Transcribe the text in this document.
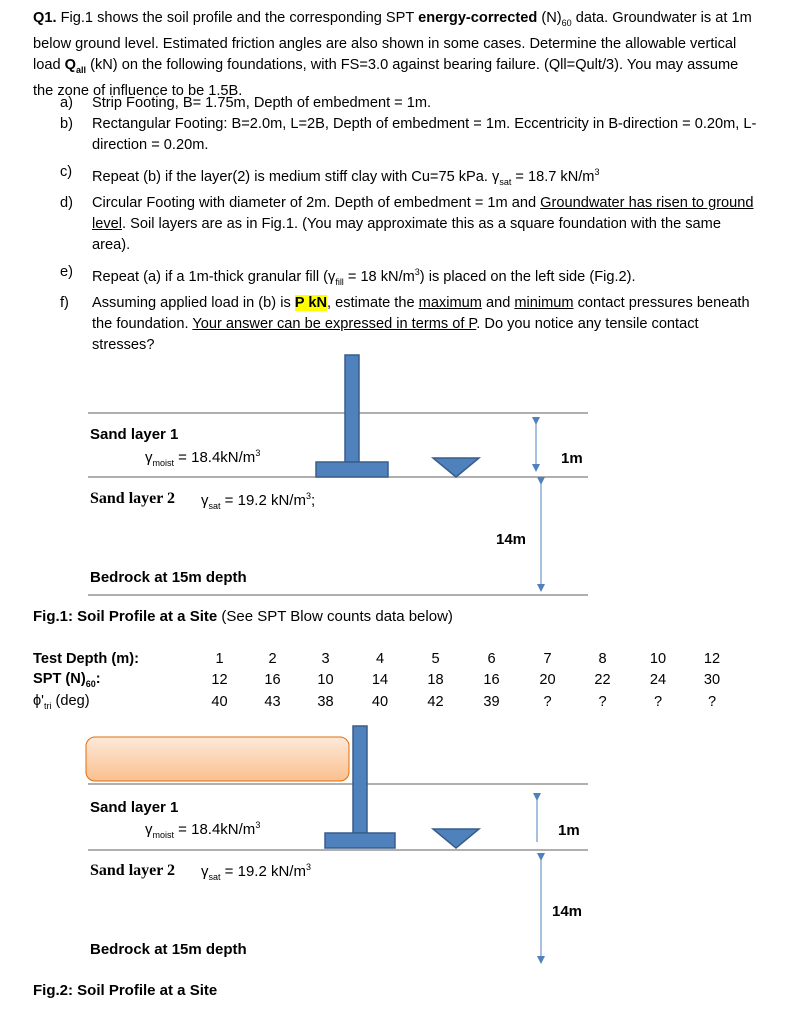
Q1. Fig.1 shows the soil profile and the corresponding SPT energy-corrected $(N)_{60}$ data. Groundwater is at 1m below ground level. Estimated friction angles are also shown in some cases. Determine the allowable vertical load $Q_{all}$ (kN) on the following foundations, with FS=3.0 against bearing failure. (Qll=Qult/3). You may assume the zone of influence to be 1.5B.
a) Strip Footing, B= 1.75m, Depth of embedment = 1m.
b) Rectangular Footing: B=2.0m, L=2B, Depth of embedment = 1m. Eccentricity in B-direction = 0.20m, L-direction = 0.20m.
c) Repeat (b) if the layer(2) is medium stiff clay with Cu=75 kPa. $\gamma_{sat} = 18.7$ $kN/m^3$
d) Circular Footing with diameter of 2m. Depth of embedment = 1m and Groundwater has risen to ground level. Soil layers are as in Fig.1. (You may approximate this as a square foundation with the same area).
e) Repeat (a) if a 1m-thick granular fill ($\gamma_{fill} = 18$ $kN/m^3$) is placed on the left side (Fig.2).
f) Assuming applied load in (b) is P kN, estimate the maximum and minimum contact pressures beneath the foundation. Your answer can be expressed in terms of P. Do you notice any tensile contact stresses?
Sand layer 1
$\gamma_{moist} = 18.4kN/m^3$	1m
Sand layer 2 $\gamma_{sat} = 19.2$ $kN/m^3$;
14m
Bedrock at 15m depth
Fig.1: Soil Profile at a Site (See SPT Blow counts data below)
Test Depth (m):	1	2	3	4	5	6	7	8	10	12
SPT $(N)_{60}$:	12	16	10	14	18	16	20	22	24	30
$\phi'_{tri}$ (deg)	40	43	38	40	42	39	?	?	?	?
Sand layer 1
$\gamma_{moist} = 18.4kN/m^3$	1m
Sand layer 2 $\gamma_{sat} = 19.2$ $kN/m^3$
14m
Bedrock at 15m depth
Fig.2: Soil Profile at a Site
